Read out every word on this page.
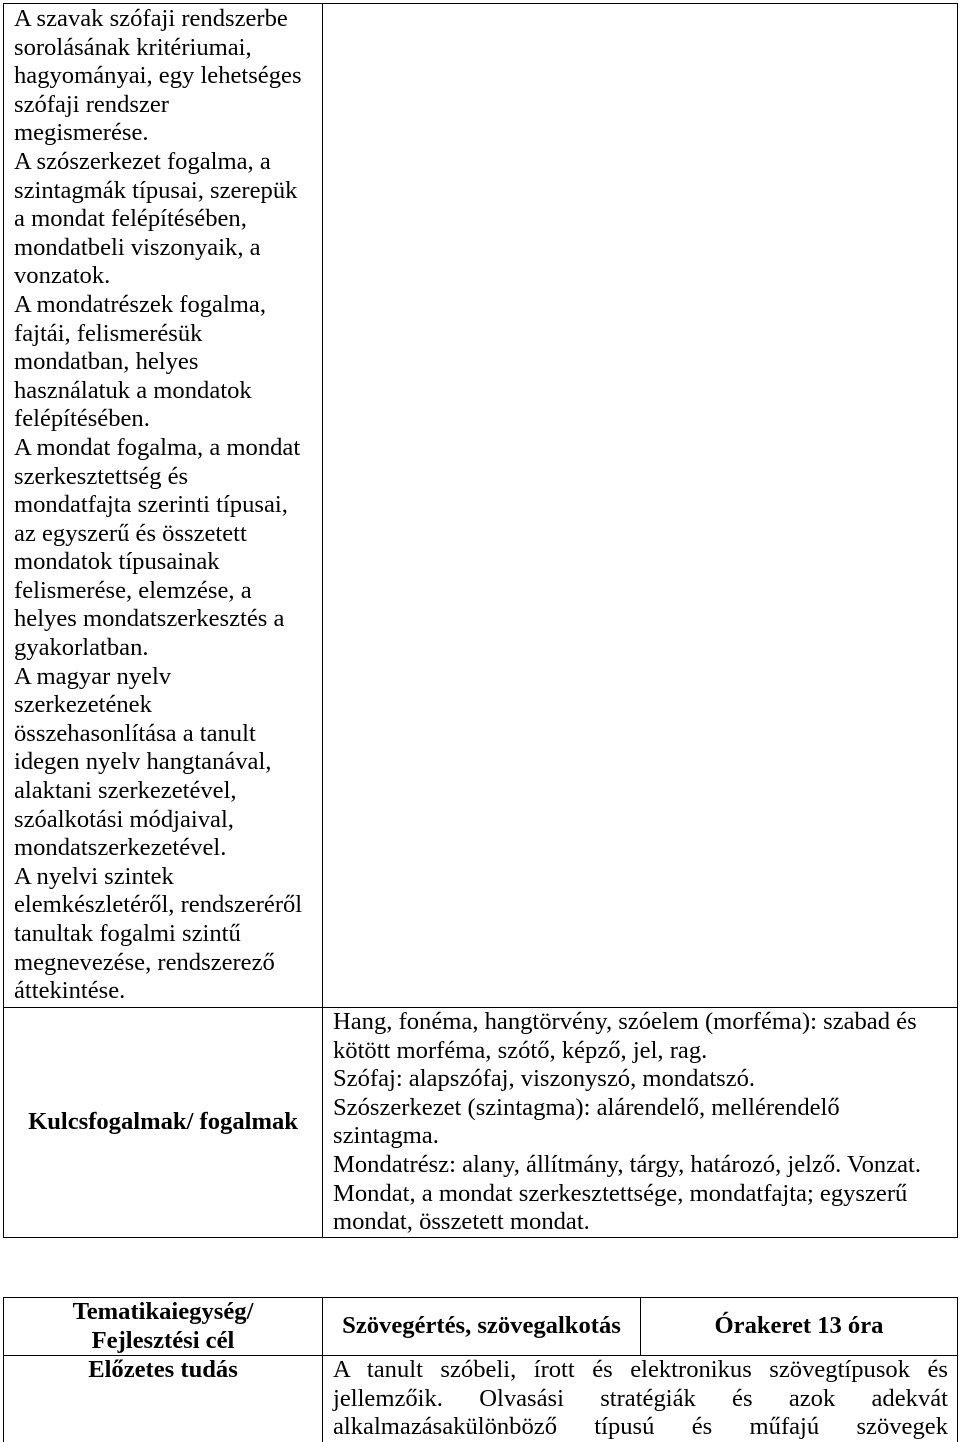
A szavak szófaji rendszerbe
sorolásának kritériumai,
hagyományai, egy lehetséges
szófaji rendszer
megismerése.
A szószerkezet fogalma, a
szintagmák típusai, szerepük
a mondat felépítésében,
mondatbeli viszonyaik, a
vonzatok.
A mondatrészek fogalma,
fajtái, felismerésük
mondatban, helyes
használatuk a mondatok
felépítésében.
A mondat fogalma, a mondat
szerkesztettség és
mondatfajta szerinti típusai,
az egyszerű és összetett
mondatok típusainak
felismerése, elemzése, a
helyes mondatszerkesztés a
gyakorlatban.
A magyar nyelv
szerkezetének
összehasonlítása a tanult
idegen nyelv hangtanával,
alaktani szerkezetével,
szóalkotási módjaival,
mondatszerkezetével.
A nyelvi szintek
elemkészletéről, rendszeréről
tanultak fogalmi szintű
megnevezése, rendszerező
áttekintése.
Kulcsfogalmak/ fogalmak
Hang, fonéma, hangtörvény, szóelem (morféma): szabad és
kötött morféma, szótő, képző, jel, rag.
Szófaj: alapszófaj, viszonyszó, mondatszó.
Szószerkezet (szintagma): alárendelő, mellérendelő
szintagma.
Mondatrész: alany, állítmány, tárgy, határozó, jelző. Vonzat.
Mondat, a mondat szerkesztettsége, mondatfajta; egyszerű
mondat, összetett mondat.
Tematikaiegység/
Fejlesztési cél
Szövegértés, szövegalkotás	Órakeret 13 óra
Előzetes tudás	A tanult szóbeli, írott és elektronikus szövegtípusok és
jellemzőik. Olvasási stratégiák és azok adekvát
alkalmazásakülönböző típusú és műfajú szövegek
